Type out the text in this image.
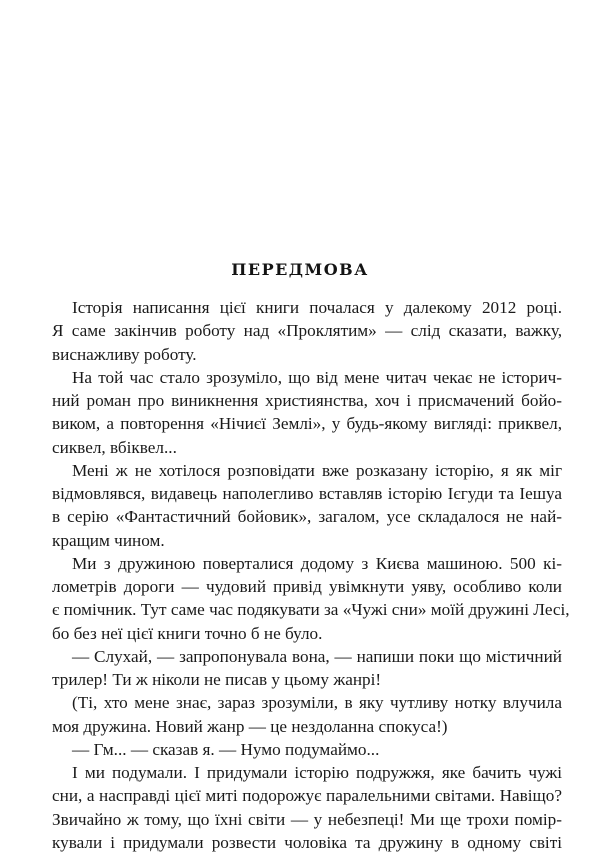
ПЕРЕДМОВА
Історія написання цієї книги почалася у далекому 2012 році.
Я саме закінчив роботу над «Проклятим» — слід сказати, важку,
виснажливу роботу.
На той час стало зрозуміло, що від мене читач чекає не історич-
ний роман про виникнення християнства, хоч і присмачений бойо-
виком, а повторення «Нічиєї Землі», у будь-якому вигляді: приквел,
сиквел, вбіквел...
Мені ж не хотілося розповідати вже розказану історію, я як міг
відмовлявся, видавець наполегливо вставляв історію Ієгуди та Іешуа
в серію «Фантастичний бойовик», загалом, усе складалося не най-
кращим чином.
Ми з дружиною поверталися додому з Києва машиною. 500 кі-
лометрів дороги — чудовий привід увімкнути уяву, особливо коли
є помічник. Тут саме час подякувати за «Чужі сни» моїй дружині Лесі,
бо без неї цієї книги точно б не було.
— Слухай, — запропонувала вона, — напиши поки що містичний
трилер! Ти ж ніколи не писав у цьому жанрі!
(Ті, хто мене знає, зараз зрозуміли, в яку чутливу нотку влучила
моя дружина. Новий жанр — це нездоланна спокуса!)
— Гм... — сказав я. — Нумо подумаймо...
І ми подумали. І придумали історію подружжя, яке бачить чужі
сни, а насправді цієї миті подорожує паралельними світами. Навіщо?
Звичайно ж тому, що їхні світи — у небезпеці! Ми ще трохи помір-
кували і придумали розвести чоловіка та дружину в одному світі
